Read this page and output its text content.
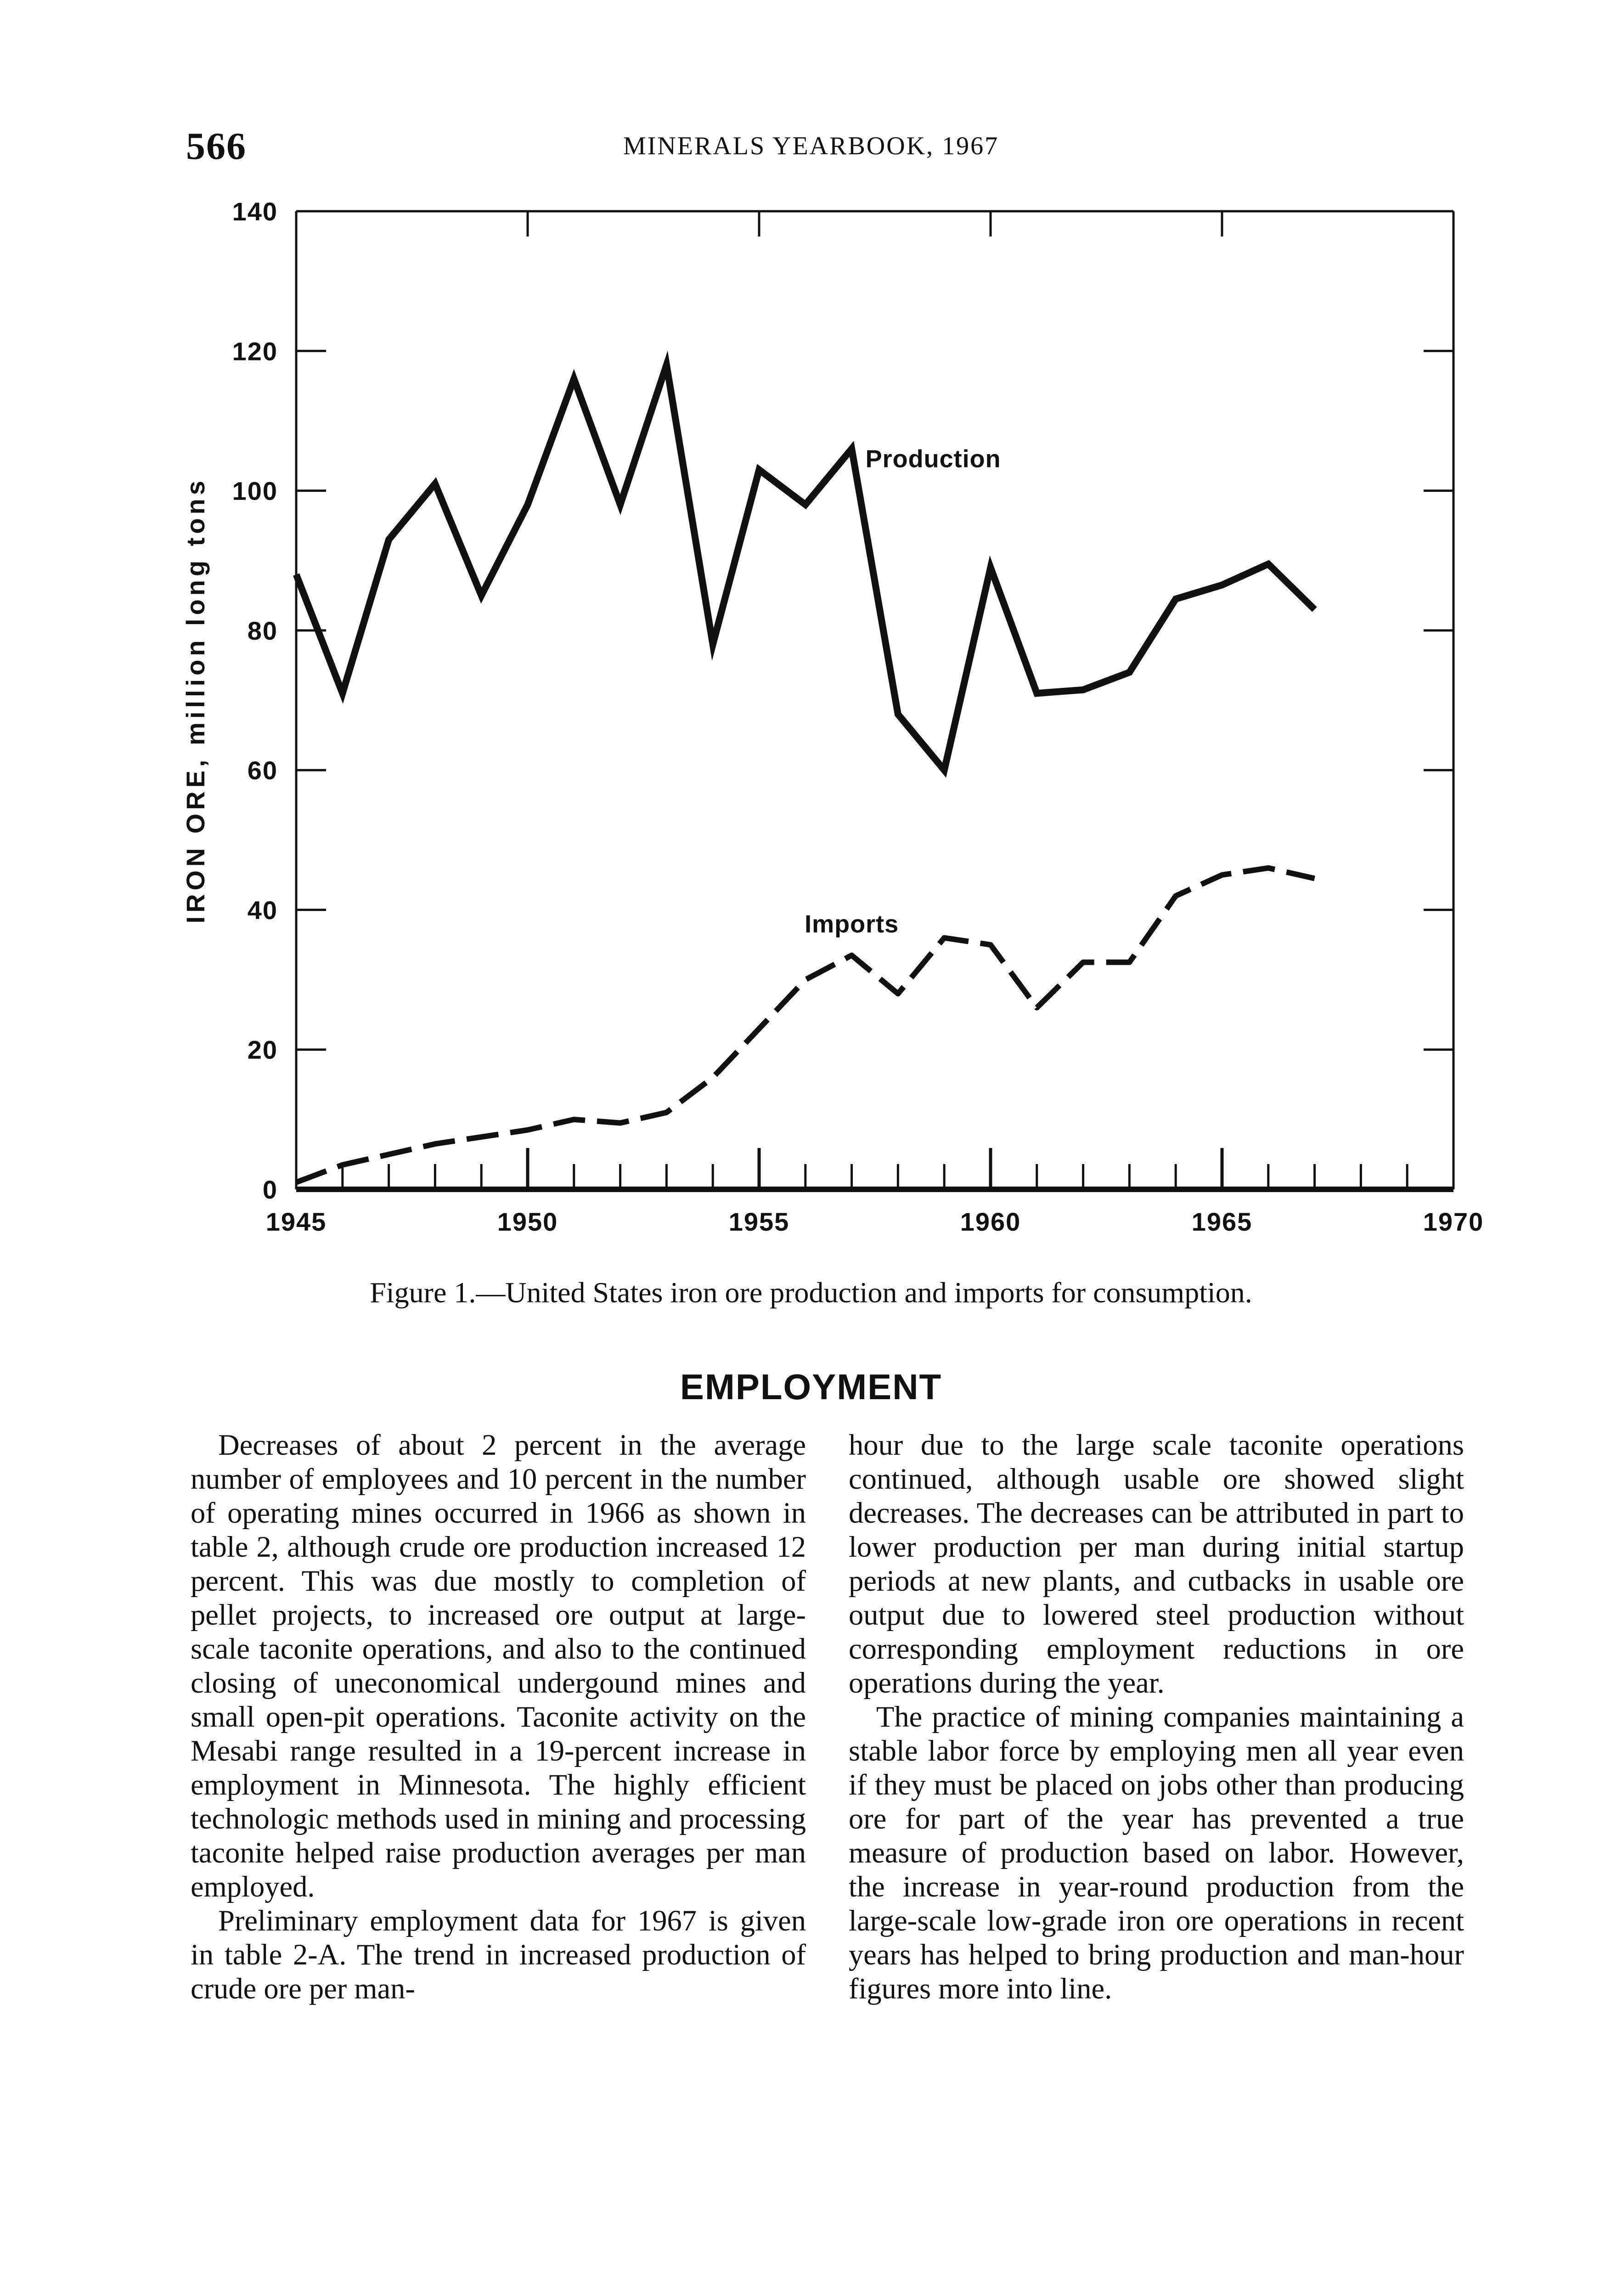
566	MINERALS YEARBOOK, 1967
0
20
40
60
80
100
120
140
1945	1950	1955	1960	1965	1970
IRON ORE, million long tons
Production
Imports
Figure 1.—United States iron ore production and imports for consumption.
EMPLOYMENT

Decreases of about 2 percent in the average number of employees and 10 percent in the number of operating mines occurred in 1966 as shown in table 2, although crude ore production increased 12 percent. This was due mostly to completion of pellet projects, to increased ore output at large-scale taconite operations, and also to the continued closing of uneconomical undergound mines and small open-pit operations. Taconite activity on the Mesabi range resulted in a 19-percent increase in employment in Minnesota. The highly efficient technologic methods used in mining and processing taconite helped raise production averages per man employed.

Preliminary employment data for 1967 is given in table 2-A. The trend in increased production of crude ore per man-

hour due to the large scale taconite operations continued, although usable ore showed slight decreases. The decreases can be attributed in part to lower production per man during initial startup periods at new plants, and cutbacks in usable ore output due to lowered steel production without corresponding employment reductions in ore operations during the year.

The practice of mining companies maintaining a stable labor force by employing men all year even if they must be placed on jobs other than producing ore for part of the year has prevented a true measure of production based on labor. However, the increase in year-round production from the large-scale low-grade iron ore operations in recent years has helped to bring production and man-hour figures more into line.
